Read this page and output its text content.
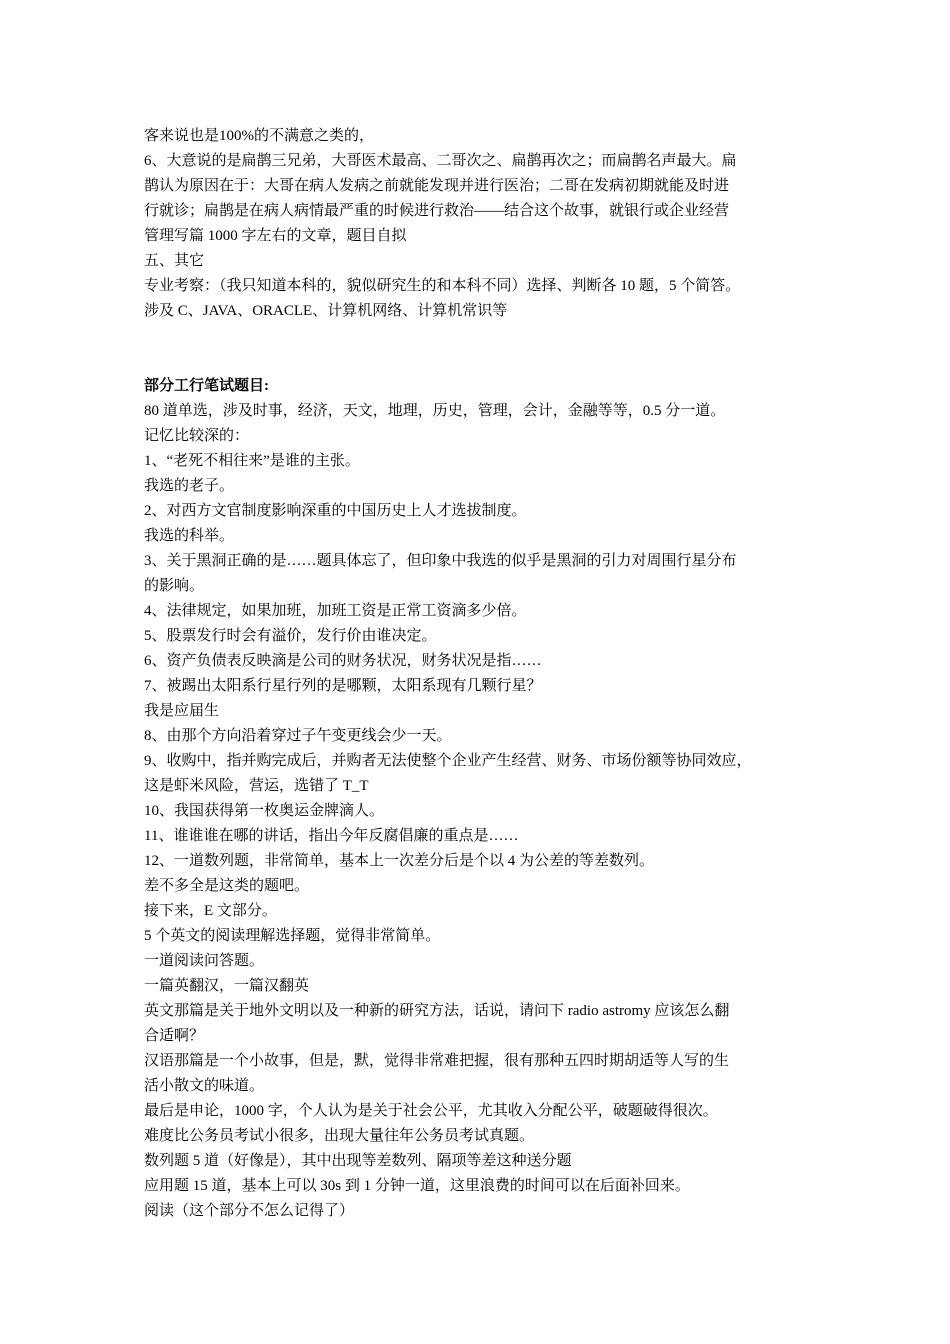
客来说也是100%的不满意之类的，
6、大意说的是扁鹊三兄弟，大哥医术最高、二哥次之、扁鹊再次之；而扁鹊名声最大。扁
鹊认为原因在于：大哥在病人发病之前就能发现并进行医治；二哥在发病初期就能及时进
行就诊；扁鹊是在病人病情最严重的时候进行救治——结合这个故事，就银行或企业经营
管理写篇 1000 字左右的文章，题目自拟
五、其它
专业考察：（我只知道本科的，貌似研究生的和本科不同）选择、判断各 10 题，5 个简答。
涉及 C、JAVA、ORACLE、计算机网络、计算机常识等
部分工行笔试题目:
80 道单选，涉及时事，经济，天文，地理，历史，管理，会计，金融等等，0.5 分一道。
记忆比较深的：
1、“老死不相往来”是谁的主张。
我选的老子。
2、对西方文官制度影响深重的中国历史上人才选拔制度。
我选的科举。
3、关于黑洞正确的是……题具体忘了，但印象中我选的似乎是黑洞的引力对周围行星分布
的影响。
4、法律规定，如果加班，加班工资是正常工资滴多少倍。
5、股票发行时会有溢价，发行价由谁决定。
6、资产负债表反映滴是公司的财务状况，财务状况是指……
7、被踢出太阳系行星行列的是哪颗，太阳系现有几颗行星？
我是应届生
8、由那个方向沿着穿过子午变更线会少一天。
9、收购中，指并购完成后，并购者无法使整个企业产生经营、财务、市场份额等协同效应，
这是虾米风险，营运，选错了 T_T
10、我国获得第一枚奥运金牌滴人。
11、谁谁谁在哪的讲话，指出今年反腐倡廉的重点是……
12、一道数列题，非常简单，基本上一次差分后是个以 4 为公差的等差数列。
差不多全是这类的题吧。
接下来，E 文部分。
5 个英文的阅读理解选择题，觉得非常简单。
一道阅读问答题。
一篇英翻汉，一篇汉翻英
英文那篇是关于地外文明以及一种新的研究方法，话说，请问下 radio astromy 应该怎么翻
合适啊？
汉语那篇是一个小故事，但是，默，觉得非常难把握，很有那种五四时期胡适等人写的生
活小散文的味道。
最后是申论，1000 字，个人认为是关于社会公平，尤其收入分配公平，破题破得很次。
难度比公务员考试小很多，出现大量往年公务员考试真题。
数列题 5 道（好像是），其中出现等差数列、隔项等差这种送分题
应用题 15 道，基本上可以 30s 到 1 分钟一道，这里浪费的时间可以在后面补回来。
阅读（这个部分不怎么记得了）
